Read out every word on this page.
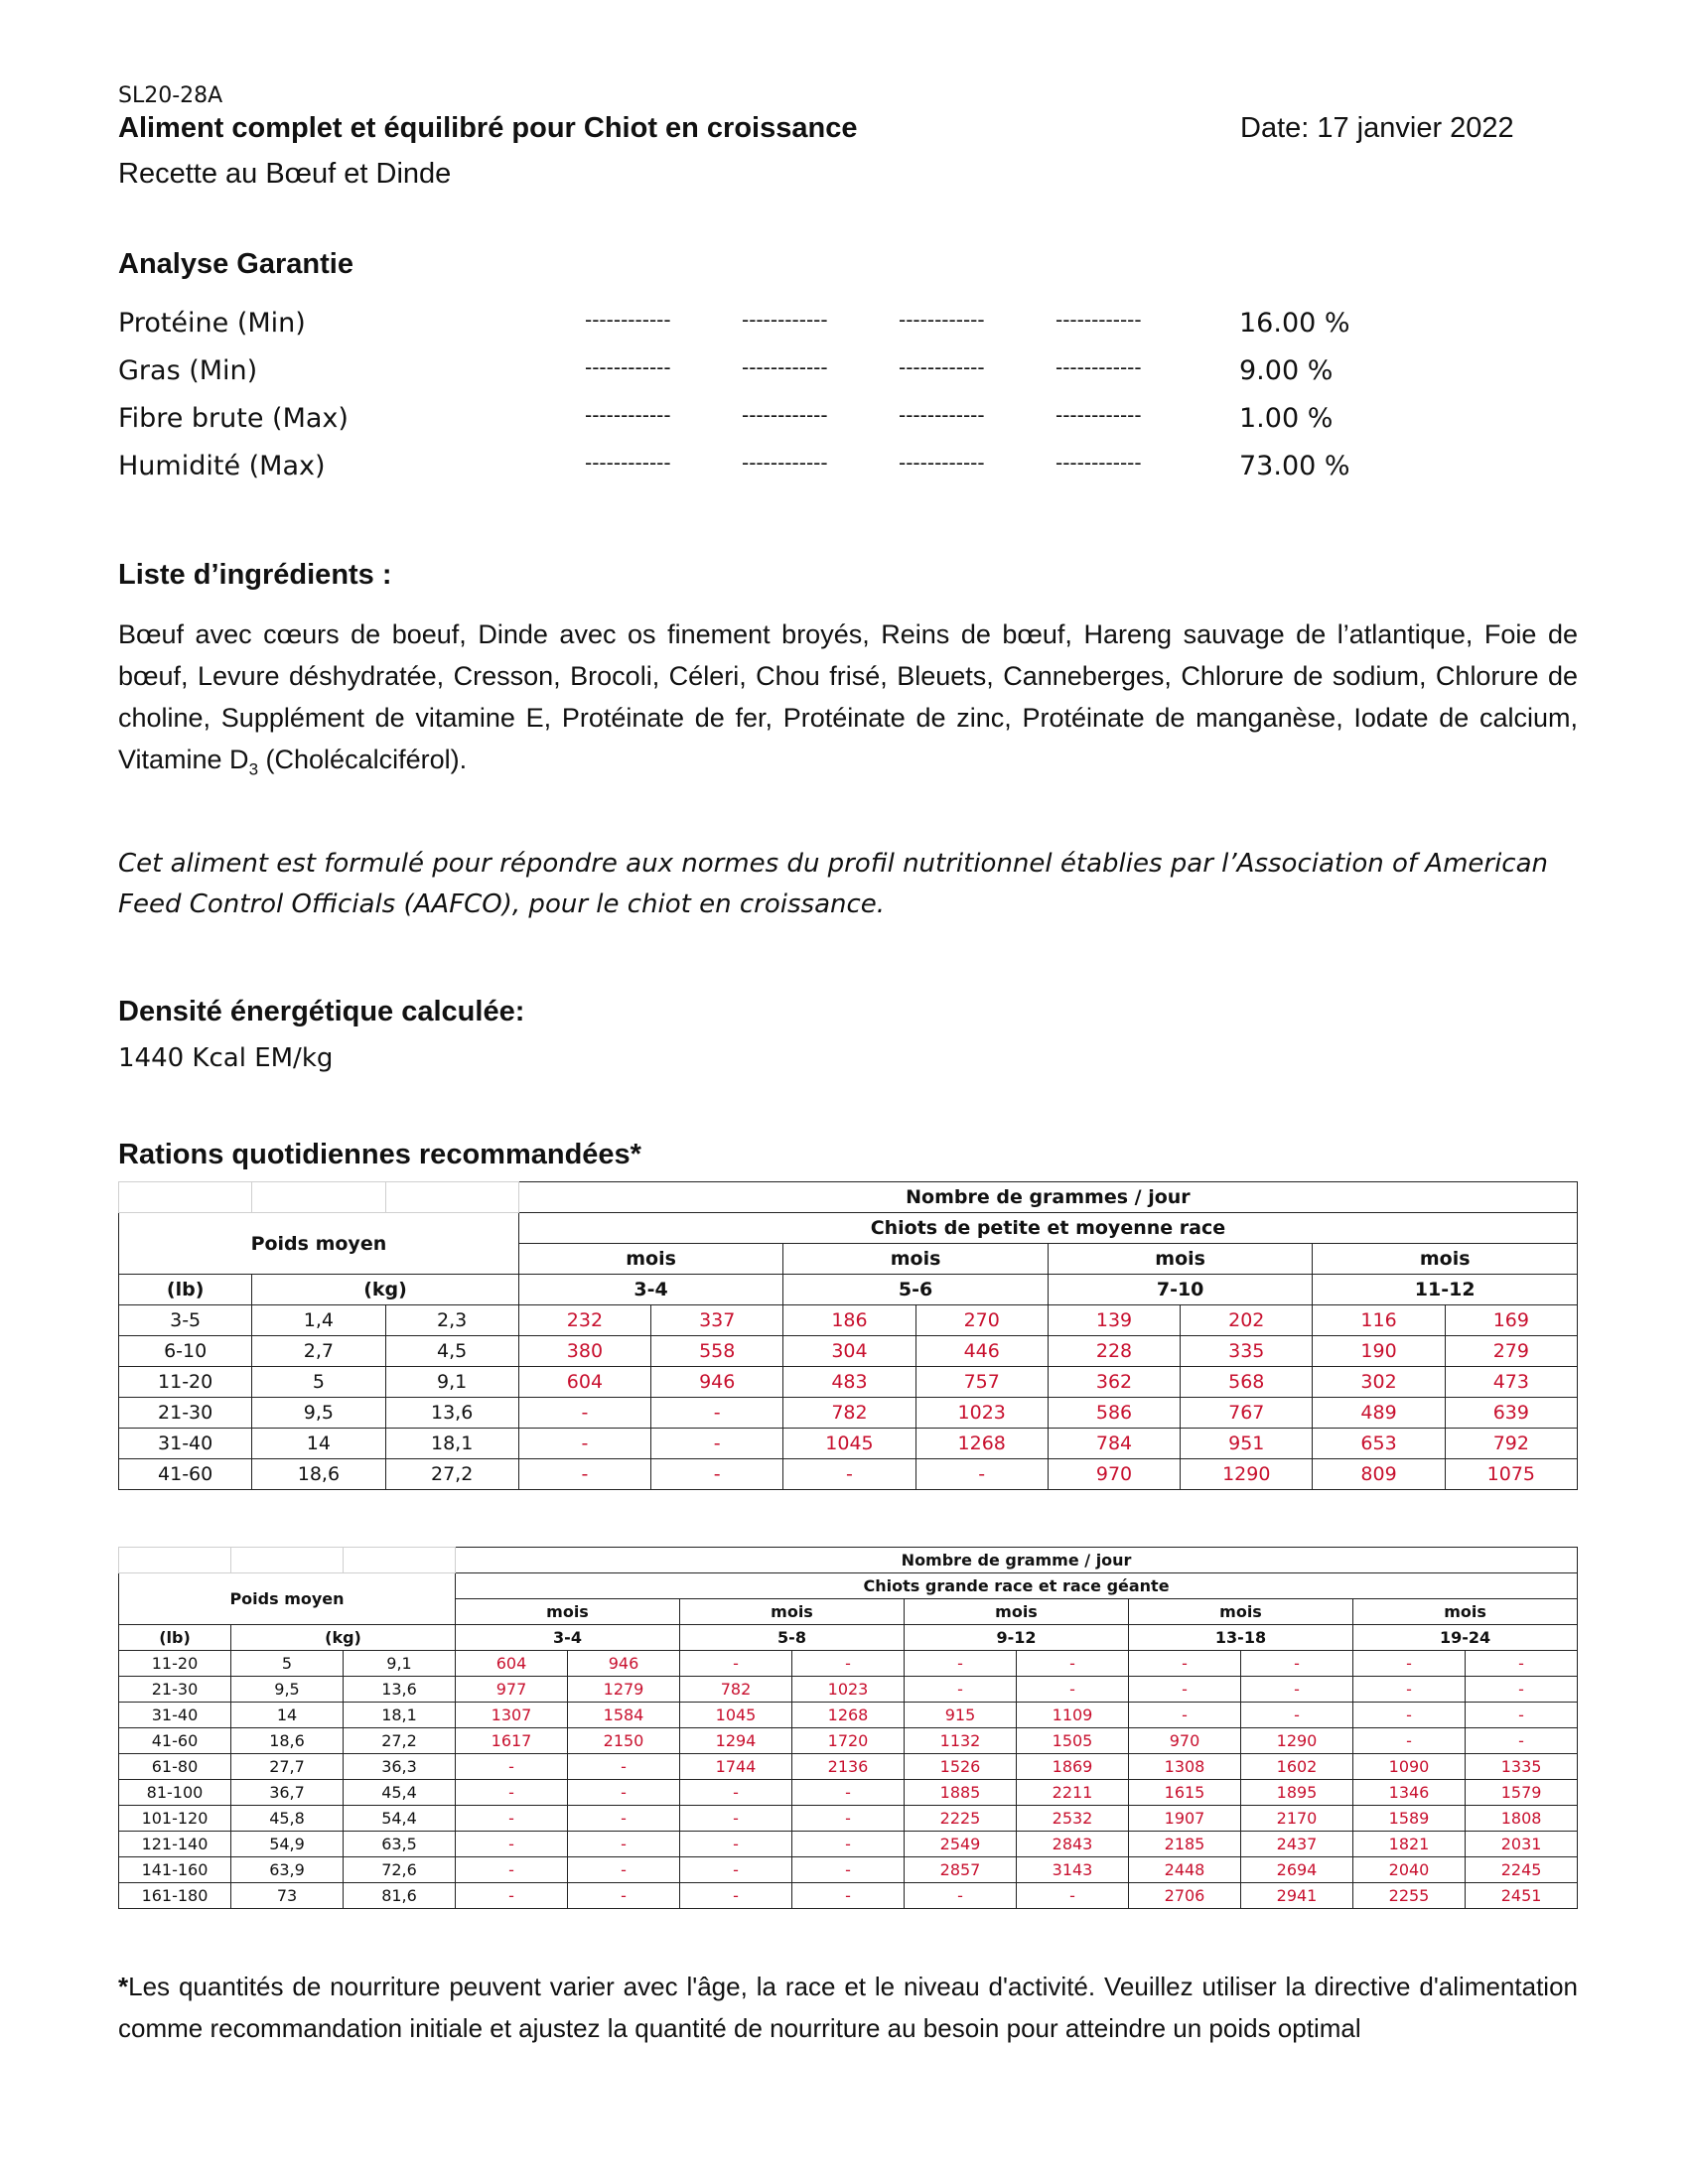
SL20-28A
Aliment complet et équilibré pour Chiot en croissance	Date: 17 janvier 2022
Recette au Bœuf et Dinde
Analyse Garantie
Protéine (Min)	------------	------------	------------	------------	16.00 %
Gras (Min)	------------	------------	------------	------------	9.00 %
Fibre brute (Max)	------------	------------	------------	------------	1.00 %
Humidité (Max)	------------	------------	------------	------------	73.00 %
Liste d’ingrédients :
Bœuf avec cœurs de boeuf, Dinde avec os finement broyés, Reins de bœuf, Hareng sauvage de l’atlantique, Foie de bœuf, Levure déshydratée, Cresson, Brocoli, Céleri, Chou frisé, Bleuets, Canneberges, Chlorure de sodium, Chlorure de choline, Supplément de vitamine E, Protéinate de fer, Protéinate de zinc, Protéinate de manganèse, Iodate de calcium, Vitamine $D_3$ (Cholécalciférol).
Cet aliment est formulé pour répondre aux normes du profil nutritionnel établies par l’Association of American Feed Control Officials (AAFCO), pour le chiot en croissance.
Densité énergétique calculée:
1440 Kcal EM/kg
Rations quotidiennes recommandées*
			Nombre de grammes / jour							
Poids moyen			Chiots de petite et moyenne race							
			mois		mois		mois		mois	
(lb)	(kg)		3-4		5-6		7-10		11-12	
3-5	1,4	2,3	232	337	186	270	139	202	116	169
6-10	2,7	4,5	380	558	304	446	228	335	190	279
11-20	5	9,1	604	946	483	757	362	568	302	473
21-30	9,5	13,6	-	-	782	1023	586	767	489	639
31-40	14	18,1	-	-	1045	1268	784	951	653	792
41-60	18,6	27,2	-	-	-	-	970	1290	809	1075
			Nombre de gramme / jour									
Poids moyen			Chiots grande race et race géante									
			mois		mois		mois		mois		mois	
(lb)	(kg)		3-4		5-8		9-12		13-18		19-24	
11-20	5	9,1	604	946	-	-	-	-	-	-	-	-
21-30	9,5	13,6	977	1279	782	1023	-	-	-	-	-	-
31-40	14	18,1	1307	1584	1045	1268	915	1109	-	-	-	-
41-60	18,6	27,2	1617	2150	1294	1720	1132	1505	970	1290	-	-
61-80	27,7	36,3	-	-	1744	2136	1526	1869	1308	1602	1090	1335
81-100	36,7	45,4	-	-	-	-	1885	2211	1615	1895	1346	1579
101-120	45,8	54,4	-	-	-	-	2225	2532	1907	2170	1589	1808
121-140	54,9	63,5	-	-	-	-	2549	2843	2185	2437	1821	2031
141-160	63,9	72,6	-	-	-	-	2857	3143	2448	2694	2040	2245
161-180	73	81,6	-	-	-	-	-	-	2706	2941	2255	2451
*Les quantités de nourriture peuvent varier avec l'âge, la race et le niveau d'activité. Veuillez utiliser la directive d'alimentation comme recommandation initiale et ajustez la quantité de nourriture au besoin pour atteindre un poids optimal
